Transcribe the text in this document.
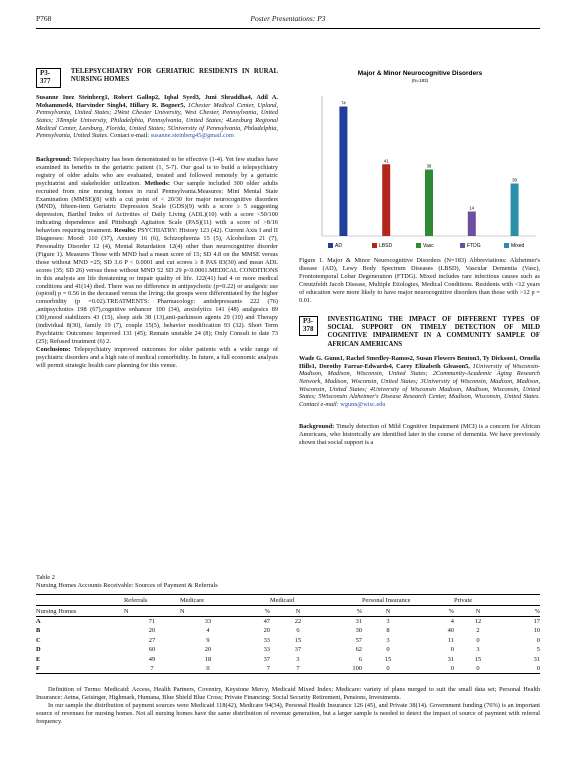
P768	Poster Presentations: P3
P3-377
TELEPSYCHIATRY FOR GERIATRIC RESIDENTS IN RURAL NURSING HOMES
Susanne Inez Steinberg1, Robert Gallop2, Iqbal Syed3, Juni Shraddha4, Adil A. Mohammed4, Harvinder Singh4, Hillary R. Bogner5, 1Chester Medical Center, Upland, Pennsylvania, United States; 2West Chester University, West Chester, Pennsylvania, United States; 3Temple University, Philadelphia, Pennsylvania, United States; 4Leesburg Regional Medical Center, Leesburg, Florida, United States; 5University of Pennsylvania, Philadelphia, Pennsylvania, United States. Contact e-mail: susanne.steinberg45@gmail.com

Background: Telepsychiatry has been demonstrated to be effective (1-4). Yet few studies have examined its benefits in the geriatric patient (1, 5-7). Our goal is to build a telepsychiatry registry of older adults who are evaluated, treated and followed remotely by a geriatric psychiatrist and stakeholder utilization. Methods: Our sample included 300 older adults recruited from nine nursing homes in rural Pennsylvania.Measures: Mini Mental State Examination (MMSE)(8) with a cut point of < 20/30 for major neurocognitive disorders (MND), fifteen-item Geriatric Depression Scale (GDS)(9) with a score ≥ 5 suggesting depression, Barthel Index of Activities of Daily Living (ADL)(10) with a score <50/100 indicating dependence and Pittsburgh Agitation Scale (PAS)(11) with a score of >8/16 behaviors requiring treatment. Results: PSYCHIATRY: History 123 (42). Current Axis I and II Diagnoses: Mood: 110 (37), Anxiety 16 (6), Schizophrenia 15 (5), Alcoholism 21 (7), Personality Disorder 12 (4), Mental Retardation 12(4) other than neurocognitive disorder (Figure 1). Measures Those with MND had a mean score of 15; SD 4.8 on the MMSE versus those without MND =25; SD 3.6 P < 0.0001 and cut scores ≥ 8 PAS 83(30) and mean ADL scores (35; SD 26) versus those without MND 52 SD 29 p<0.0001.MEDICAL CONDITIONS in this analysis are life threatening or impair quality of life. 122(41) had 4 or more medical conditions and 41(14) died. There was no difference in antipsychotic (p=0.22) or analgesic use (opioid) p = 0.56 in the deceased versus the living; the groups were differentiated by the higher comorbidity (p =0.02).TREATMENTS: Pharmacology: antidepressants 222 (76) ,antipsychotics 198 (67),cognitive enhancer 100 (34), anxiolytics 141 (48) analgesics 89 (30),mood stabilizers 43 (15), sleep aids 38 (13),anti-parkinson agents 29 (10) and Therapy (individual 8(30), family 19 (7), couple 15(5), behavior modification 93 (32). Short Term Psychiatric Outcomes: Improved 131 (45); Remain unstable 24 (8); Only Consult to date 73 (25); Refused treatment (6) 2.

Conclusions: Telepsychiatry improved outcomes for older patients with a wide range of psychiatric disorders and a high rate of medical comorbidity. In future, a full economic analysis will permit strategic health care planning for this venue.

Major & Minor Neurocognitive Disorders
(N=183)
74
41
38
14
30
AD	LBSD	Vasc	FTDG	Mixed
Figure 1. Major & Minor Neurocognitive Disorders (N=183) Abbreviations: Alzheimer's disease (AD), Lewy Body Spectrum Diseases (LBSD), Vascular Dementia (Vasc), Frontotemporal Lobar Degeneration (FTDG). Mixed includes rare infectious causes such as Creutzfeldt Jacob Disease, Multiple Etiologies, Medical Conditions. Residents with <12 years of education were more likely to have major neurocognitive disorders than those with >12 p = 0.01.
P3-378
INVESTIGATING THE IMPACT OF DIFFERENT TYPES OF SOCIAL SUPPORT ON TIMELY DETECTION OF MILD COGNITIVE IMPAIRMENT IN A COMMUNITY SAMPLE OF AFRICAN AMERICANS
Wade G. Gunn1, Rachel Smedley-Ramos2, Susan Flowers Benton3, Ty Dickson1, Ornella Hills1, Dorothy Farrar-Edwards4, Carey Elizabeth Gleason5, 1University of Wisconsin-Madison, Madison, Wisconsin, United States; 2Community-Academic Aging Research Network, Madison, Wisconsin, United States; 3University of Wisconsin, Madison, Madison, Wisconsin, United States; 4University of Wisconsin Madison, Madison, Wisconsin, United States; 5Wisconsin Alzheimer's Disease Research Center, Madison, Wisconsin, United States. Contact e-mail: wgunn@wisc.edu

Background: Timely detection of Mild Cognitive Impairment (MCI) is a concern for African Americans, who historically are identified later in the course of dementia. We have previously shown that social support is a

Table 2
Nursing Homes Accounts Receivable: Sources of Payment & Referrals
	Referrals	Medicare		Medicaid		Personal Insurance		Private	
Nursing Homes	N	N	%	N	%	N	%	N	%
A	71	33	47	22	31	3	4	12	17
B	20	4	20	6	30	8	40	2	10
C	27	9	33	15	57	3	11	0	0
D	60	20	33	37	62	0	0	3	5
E	49	18	37	3	6	15	31	15	31
F	7	0	7	7	100	0	0	0	0

Definition of Terms: Medicaid: Access, Health Partners, Coventry, Keystone Mercy, Medicaid Mixed Index; Medicare: variety of plans merged to suit the small data set; Personal Health Insurance: Aetna, Geisinger, Highmark, Humana, Blue Shield Blue Cross; Private Financing: Social Security Retirement, Pensions, Investments.

In our sample the distribution of payment sources were Medicaid 118(42), Medicare 94(34), Personal Health Insurance 126 (45), and Private 38(14). Government funding (76%) is an important source of revenues for nursing homes. Not all nursing homes have the same distribution of revenue generation, but a larger sample is needed to detect the impact of source of payment with referral frequency.
